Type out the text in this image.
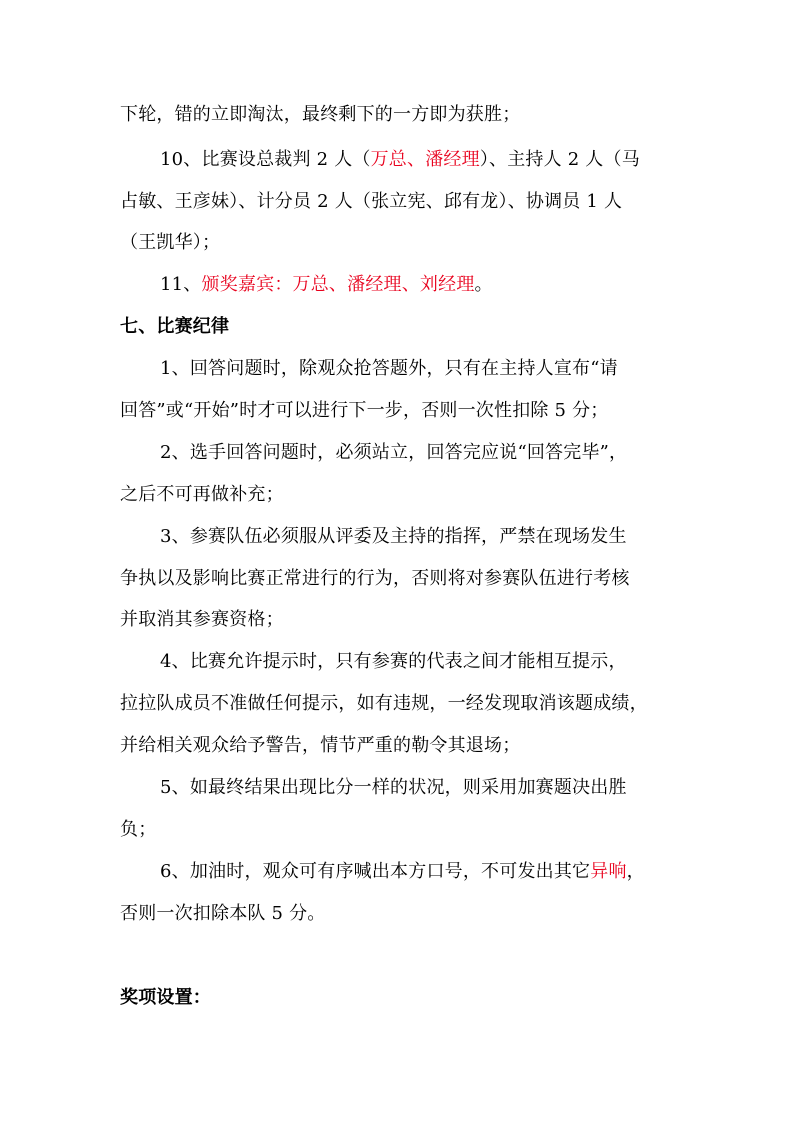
下轮，错的立即淘汰，最终剩下的一方即为获胜；
10、比赛设总裁判 2 人（万总、潘经理）、主持人 2 人（马
占敏、王彦妹）、计分员 2 人（张立宪、邱有龙）、协调员 1 人
（王凯华）；
11、颁奖嘉宾：万总、潘经理、刘经理。
七、比赛纪律
1、回答问题时，除观众抢答题外，只有在主持人宣布“请
回答”或“开始”时才可以进行下一步，否则一次性扣除 5 分；
2、选手回答问题时，必须站立，回答完应说“回答完毕”，
之后不可再做补充；
3、参赛队伍必须服从评委及主持的指挥，严禁在现场发生
争执以及影响比赛正常进行的行为，否则将对参赛队伍进行考核
并取消其参赛资格；
4、比赛允许提示时，只有参赛的代表之间才能相互提示，
拉拉队成员不准做任何提示，如有违规，一经发现取消该题成绩，
并给相关观众给予警告，情节严重的勒令其退场；
5、如最终结果出现比分一样的状况，则采用加赛题决出胜
负；
6、加油时，观众可有序喊出本方口号，不可发出其它异响，
否则一次扣除本队 5 分。
奖项设置：
